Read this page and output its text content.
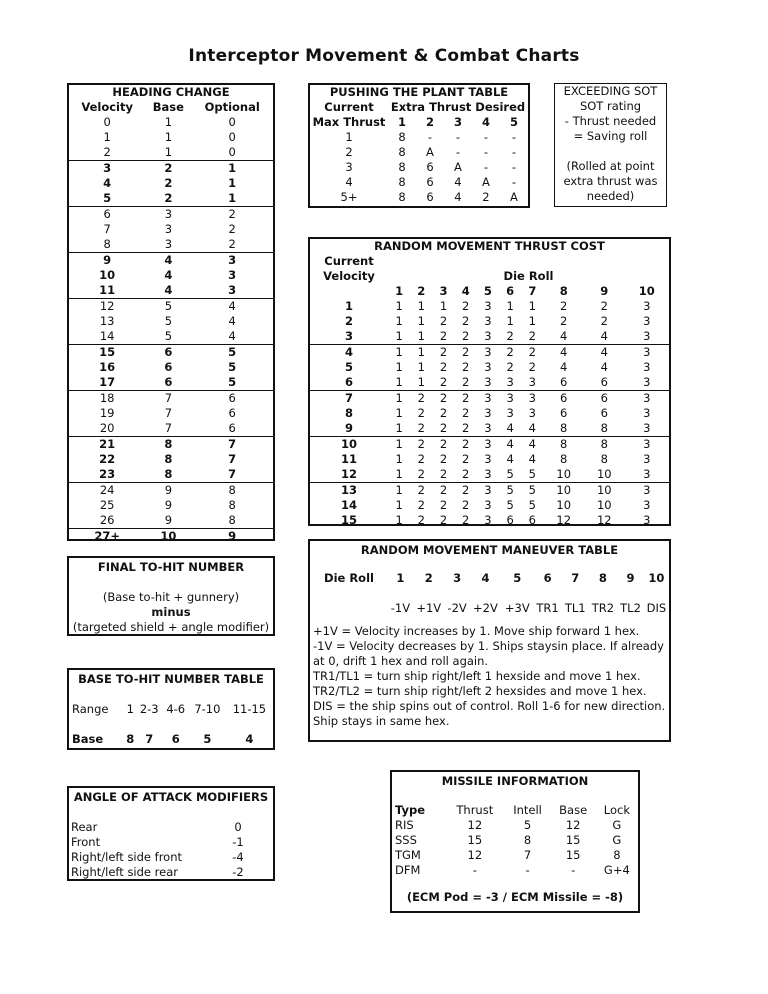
Interceptor Movement & Combat Charts
HEADING CHANGE
Velocity	Base	Optional
0	1	0
1	1	0
2	1	0
3	2	1
4	2	1
5	2	1
6	3	2
7	3	2
8	3	2
9	4	3
10	4	3
11	4	3
12	5	4
13	5	4
14	5	4
15	6	5
16	6	5
17	6	5
18	7	6
19	7	6
20	7	6
21	8	7
22	8	7
23	8	7
24	9	8
25	9	8
26	9	8
27+	10	9
PUSHING THE PLANT TABLE
Current	Extra Thrust Desired				
Max Thrust	1	2	3	4	5
1	8	-	-	-	-
2	8	A	-	-	-
3	8	6	A	-	-
4	8	6	4	A	-
5+	8	6	4	2	A
EXCEEDING SOT
SOT rating
- Thrust needed
= Saving roll
(Rolled at point
extra thrust was
needed)
RANDOM MOVEMENT THRUST COST
Current										
Velocity	Die Roll									
	1	2	3	4	5	6	7	8	9	10
1	1	1	1	2	3	1	1	2	2	3
2	1	1	2	2	3	1	1	2	2	3
3	1	1	2	2	3	2	2	4	4	3
4	1	1	2	2	3	2	2	4	4	3
5	1	1	2	2	3	2	2	4	4	3
6	1	1	2	2	3	3	3	6	6	3
7	1	2	2	2	3	3	3	6	6	3
8	1	2	2	2	3	3	3	6	6	3
9	1	2	2	2	3	4	4	8	8	3
10	1	2	2	2	3	4	4	8	8	3
11	1	2	2	2	3	4	4	8	8	3
12	1	2	2	2	3	5	5	10	10	3
13	1	2	2	2	3	5	5	10	10	3
14	1	2	2	2	3	5	5	10	10	3
15	1	2	2	2	3	6	6	12	12	3
RANDOM MOVEMENT MANEUVER TABLE
Die Roll	1	2	3	4	5	6	7	8	9	10

	-1V	+1V	-2V	+2V	+3V	TR1	TL1	TR2	TL2	DIS
+1V = Velocity increases by 1. Move ship forward 1 hex.
-1V = Velocity decreases by 1. Ships staysin place. If already
at 0, drift 1 hex and roll again.
TR1/TL1 = turn ship right/left 1 hexside and move 1 hex.
TR2/TL2 = turn ship right/left 2 hexsides and move 1 hex.
DIS = the ship spins out of control. Roll 1-6 for new direction.
Ship stays in same hex.
FINAL TO-HIT NUMBER
(Base to-hit + gunnery)
minus
(targeted shield + angle modifier)
BASE TO-HIT NUMBER TABLE
Range	1	2-3	4-6	7-10	11-15

Base	8	7	6	5	4
ANGLE OF ATTACK MODIFIERS
Rear	0
Front	-1
Right/left side front	-4
Right/left side rear	-2
MISSILE INFORMATION
Type	Thrust	Intell	Base	Lock
RIS	12	5	12	G
SSS	15	8	15	G
TGM	12	7	15	8
DFM	-	-	-	G+4
(ECM Pod = -3 / ECM Missile = -8)
